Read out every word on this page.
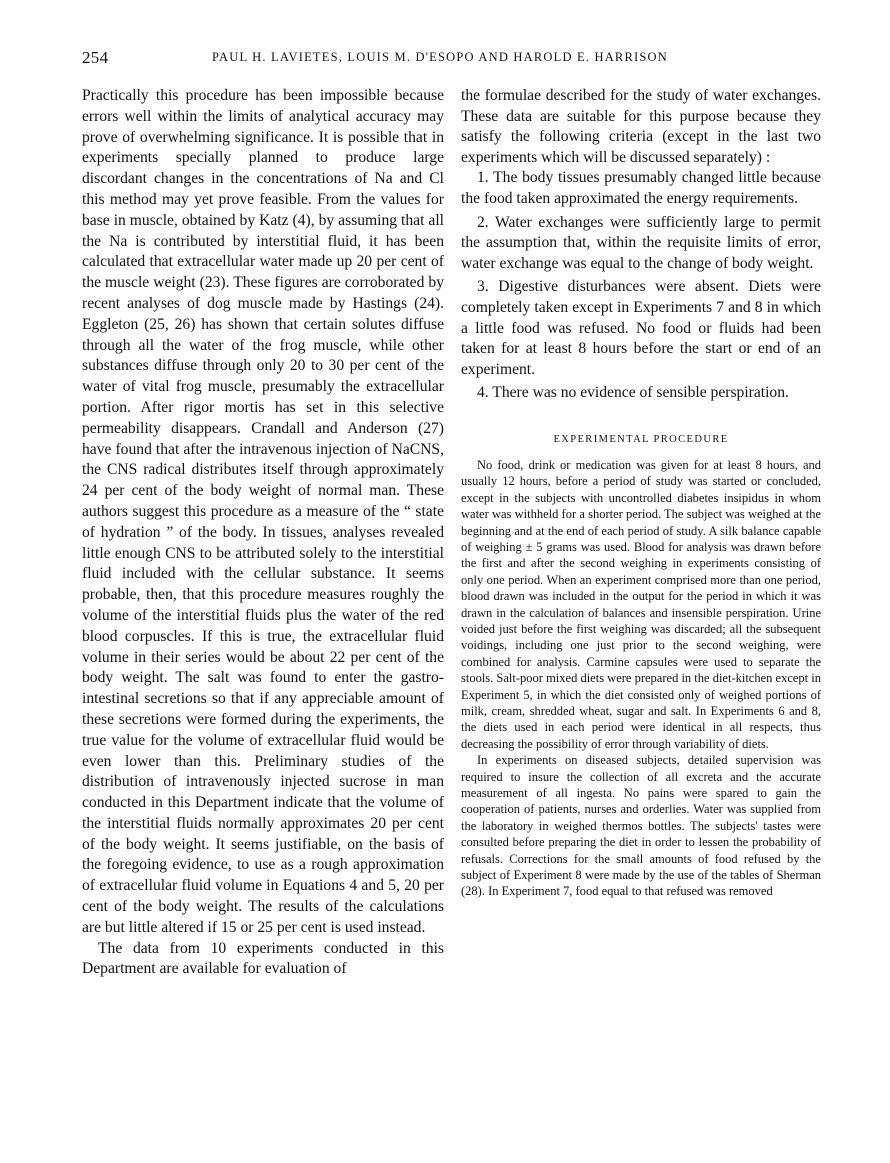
254	PAUL H. LAVIETES, LOUIS M. D'ESOPO AND HAROLD E. HARRISON

Practically this procedure has been impossible because errors well within the limits of analytical accuracy may prove of overwhelming significance. It is possible that in experiments specially planned to produce large discordant changes in the concentrations of Na and Cl this method may yet prove feasible. From the values for base in muscle, obtained by Katz (4), by assuming that all the Na is contributed by interstitial fluid, it has been calculated that extracellular water made up 20 per cent of the muscle weight (23). These figures are corroborated by recent analyses of dog muscle made by Hastings (24). Eggleton (25, 26) has shown that certain solutes diffuse through all the water of the frog muscle, while other substances diffuse through only 20 to 30 per cent of the water of vital frog muscle, presumably the extracellular portion. After rigor mortis has set in this selective permeability disappears. Crandall and Anderson (27) have found that after the intravenous injection of NaCNS, the CNS radical distributes itself through approximately 24 per cent of the body weight of normal man. These authors suggest this procedure as a measure of the “ state of hydration ” of the body. In tissues, analyses revealed little enough CNS to be attributed solely to the interstitial fluid included with the cellular substance. It seems probable, then, that this procedure measures roughly the volume of the interstitial fluids plus the water of the red blood corpuscles. If this is true, the extracellular fluid volume in their series would be about 22 per cent of the body weight. The salt was found to enter the gastro-intestinal secretions so that if any appreciable amount of these secretions were formed during the experiments, the true value for the volume of extracellular fluid would be even lower than this. Preliminary studies of the distribution of intravenously injected sucrose in man conducted in this Department indicate that the volume of the interstitial fluids normally approximates 20 per cent of the body weight. It seems justifiable, on the basis of the foregoing evidence, to use as a rough approximation of extracellular fluid volume in Equations 4 and 5, 20 per cent of the body weight. The results of the calculations are but little altered if 15 or 25 per cent is used instead.

The data from 10 experiments conducted in this Department are available for evaluation of

the formulae described for the study of water exchanges. These data are suitable for this purpose because they satisfy the following criteria (except in the last two experiments which will be discussed separately) :

1. The body tissues presumably changed little because the food taken approximated the energy requirements.

2. Water exchanges were sufficiently large to permit the assumption that, within the requisite limits of error, water exchange was equal to the change of body weight.

3. Digestive disturbances were absent. Diets were completely taken except in Experiments 7 and 8 in which a little food was refused. No food or fluids had been taken for at least 8 hours before the start or end of an experiment.

4. There was no evidence of sensible perspiration.

EXPERIMENTAL PROCEDURE

No food, drink or medication was given for at least 8 hours, and usually 12 hours, before a period of study was started or concluded, except in the subjects with uncontrolled diabetes insipidus in whom water was withheld for a shorter period. The subject was weighed at the beginning and at the end of each period of study. A silk balance capable of weighing ± 5 grams was used. Blood for analysis was drawn before the first and after the second weighing in experiments consisting of only one period. When an experiment comprised more than one period, blood drawn was included in the output for the period in which it was drawn in the calculation of balances and insensible perspiration. Urine voided just before the first weighing was discarded; all the subsequent voidings, including one just prior to the second weighing, were combined for analysis. Carmine capsules were used to separate the stools. Salt-poor mixed diets were prepared in the diet-kitchen except in Experiment 5, in which the diet consisted only of weighed portions of milk, cream, shredded wheat, sugar and salt. In Experiments 6 and 8, the diets used in each period were identical in all respects, thus decreasing the possibility of error through variability of diets.

In experiments on diseased subjects, detailed supervision was required to insure the collection of all excreta and the accurate measurement of all ingesta. No pains were spared to gain the cooperation of patients, nurses and orderlies. Water was supplied from the laboratory in weighed thermos bottles. The subjects' tastes were consulted before preparing the diet in order to lessen the probability of refusals. Corrections for the small amounts of food refused by the subject of Experiment 8 were made by the use of the tables of Sherman (28). In Experiment 7, food equal to that refused was removed
